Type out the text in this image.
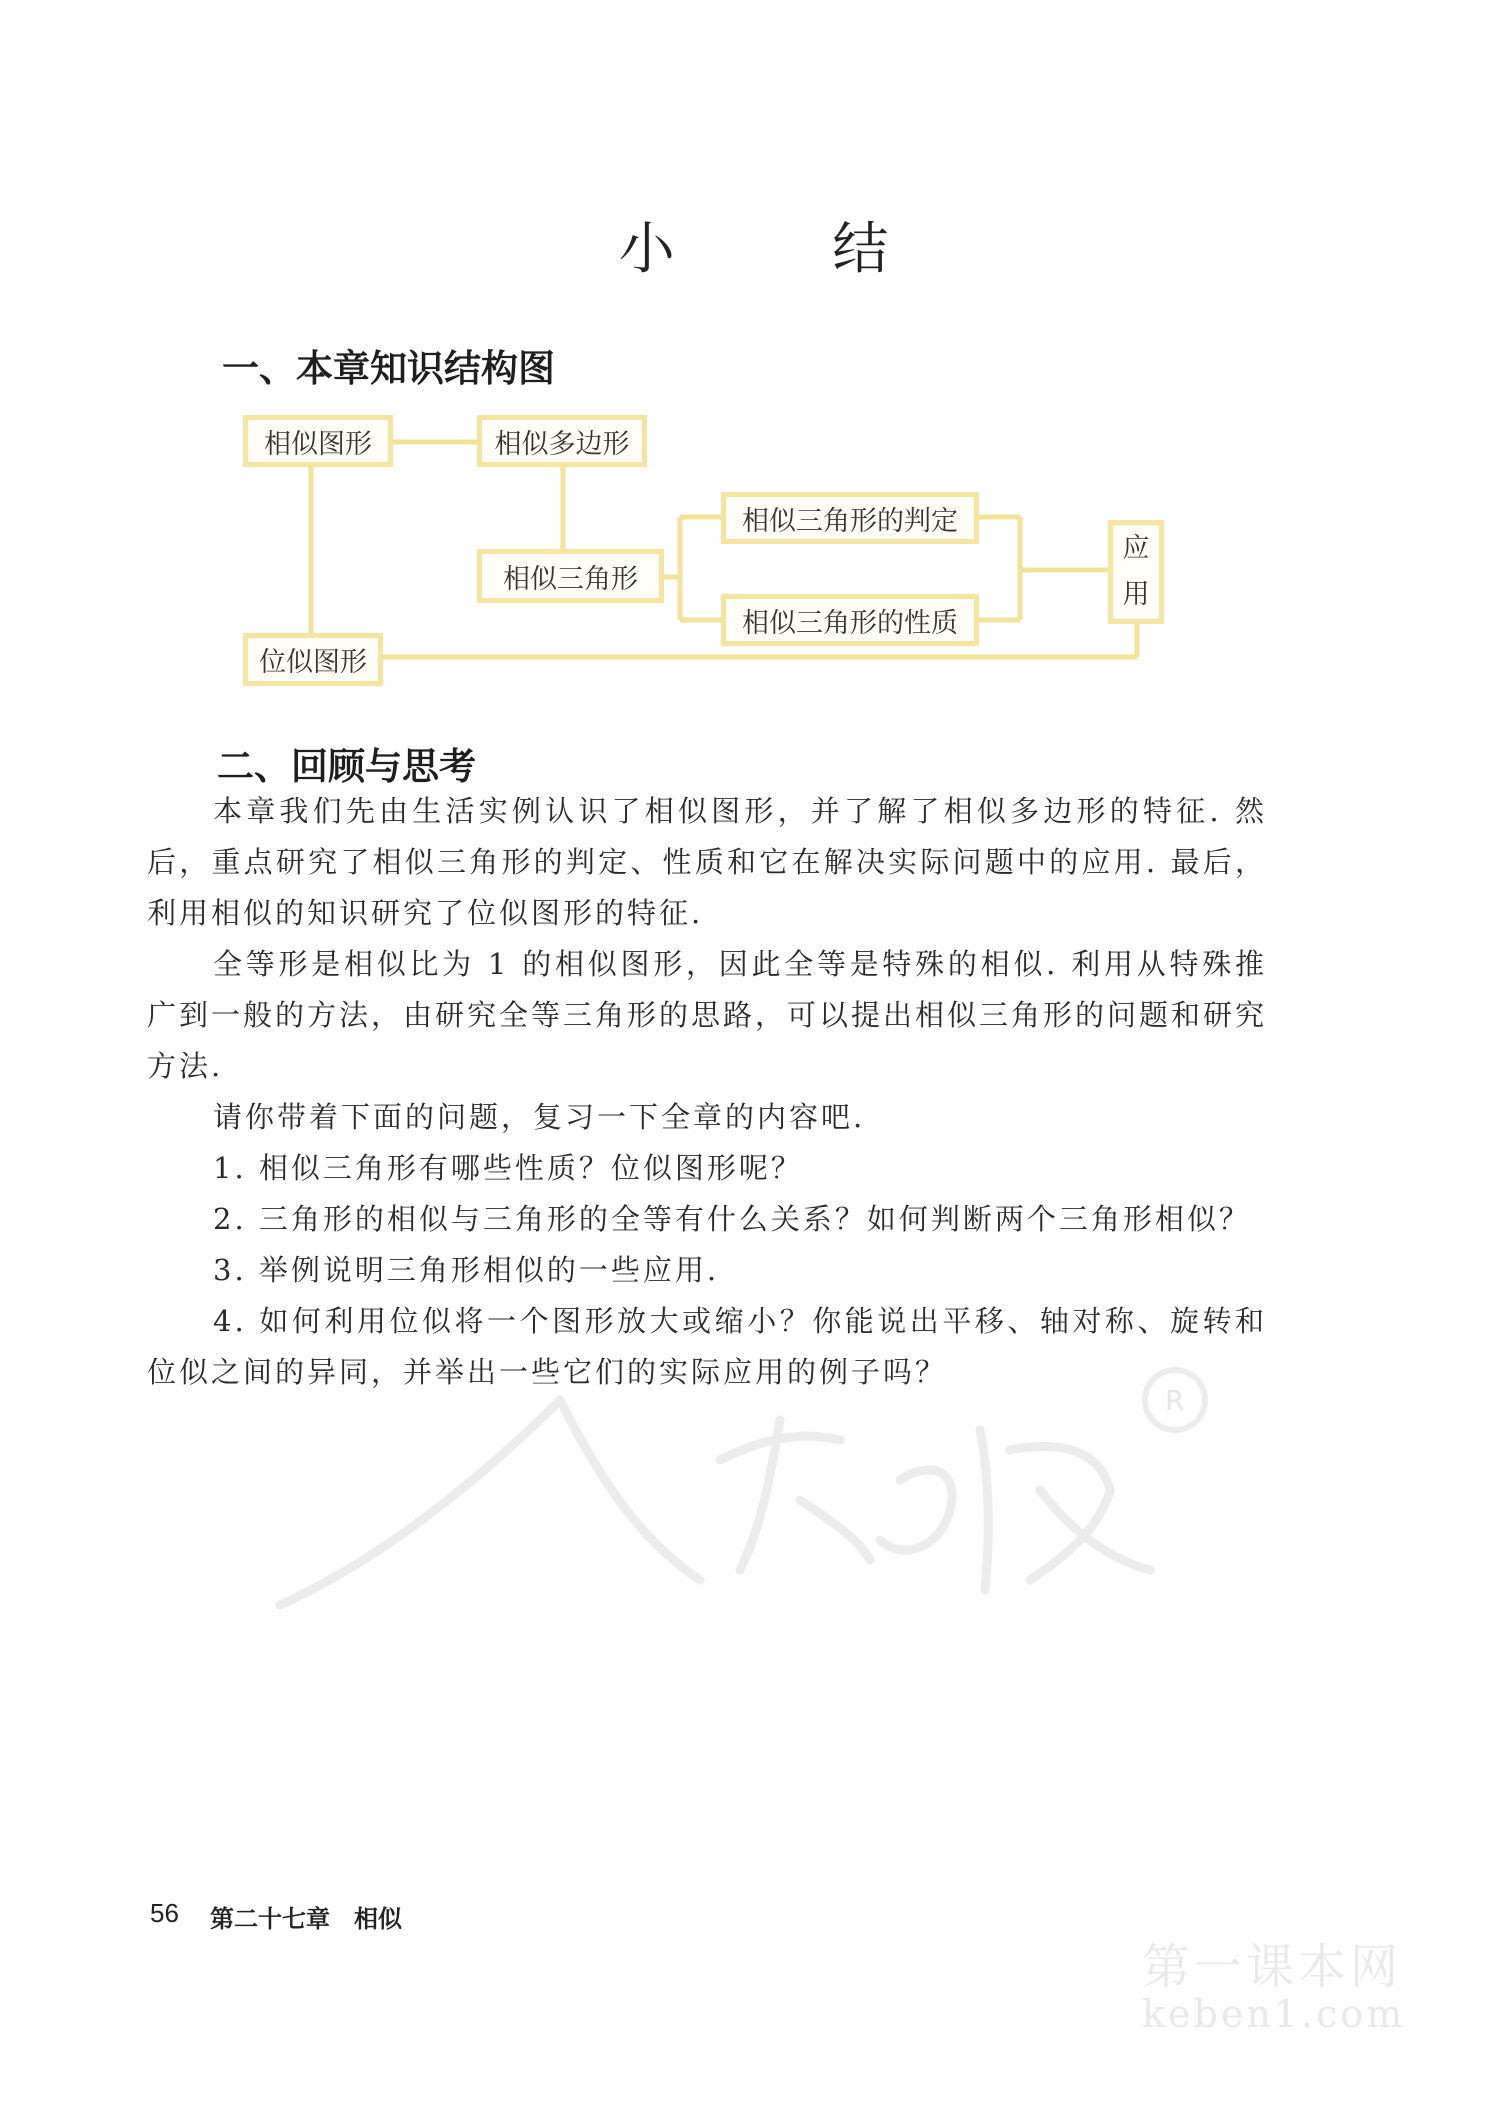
小 结
一、本章知识结构图
相似图形	相似多边形
相似三角形
相似三角形的判定
相似三角形的性质
应
用
位似图形
二、回顾与思考

本章我们先由生活实例认识了相似图形，并了解了相似多边形的特征. 然后，重点研究了相似三角形的判定、性质和它在解决实际问题中的应用. 最后，利用相似的知识研究了位似图形的特征.

全等形是相似比为 1 的相似图形，因此全等是特殊的相似. 利用从特殊推广到一般的方法，由研究全等三角形的思路，可以提出相似三角形的问题和研究方法.

请你带着下面的问题，复习一下全章的内容吧.

1. 相似三角形有哪些性质？位似图形呢？

2. 三角形的相似与三角形的全等有什么关系？如何判断两个三角形相似？

3. 举例说明三角形相似的一些应用.

4. 如何利用位似将一个图形放大或缩小？你能说出平移、轴对称、旋转和位似之间的异同，并举出一些它们的实际应用的例子吗？

R
第一课本网
keben1.com
56 第二十七章　相似
